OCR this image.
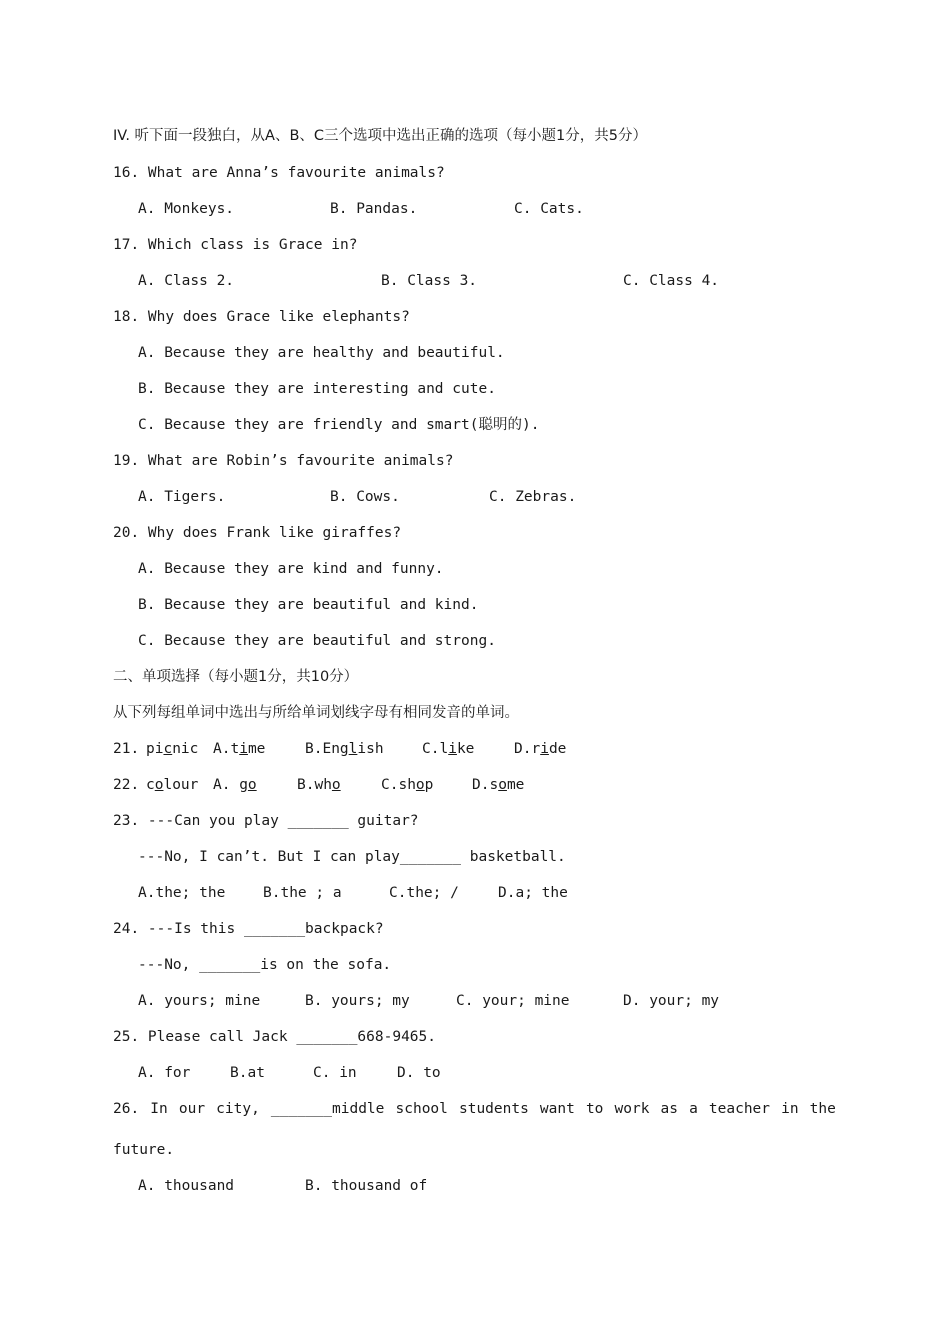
IV. 听下面一段独白，从A、B、C三个选项中选出正确的选项（每小题1分，共5分）
16. What are Anna’s favourite animals?
A. Monkeys.	B. Pandas.	C. Cats.
17. Which class is Grace in?
A. Class 2.	B. Class 3.	C. Class 4.
18. Why does Grace like elephants?
A. Because they are healthy and beautiful.
B. Because they are interesting and cute.
C. Because they are friendly and smart(聪明的).
19. What are Robin’s favourite animals?
A. Tigers.	B. Cows.	C. Zebras.
20. Why does Frank like giraffes?
A. Because they are kind and funny.
B. Because they are beautiful and kind.
C. Because they are beautiful and strong.
二、单项选择（每小题1分，共10分）
从下列每组单词中选出与所给单词划线字母有相同发音的单词。
21. picnic A.time	B.English	C.like	D.ride
22. colour A. go	B.who	C.shop	D.some
23. ---Can you play _______ guitar?
---No, I can’t. But I can play_______ basketball.
A.the; the	B.the ; a	C.the; /	D.a; the
24. ---Is this _______backpack?
---No, _______is on the sofa.
A. yours; mine	B. yours; my	C. your; mine	D. your; my
25. Please call Jack _______668-9465.
A. for	B.at	C. in	D. to
26. In our city, _______middle school students want to work as a teacher in the
future.
A. thousand	B. thousand of
